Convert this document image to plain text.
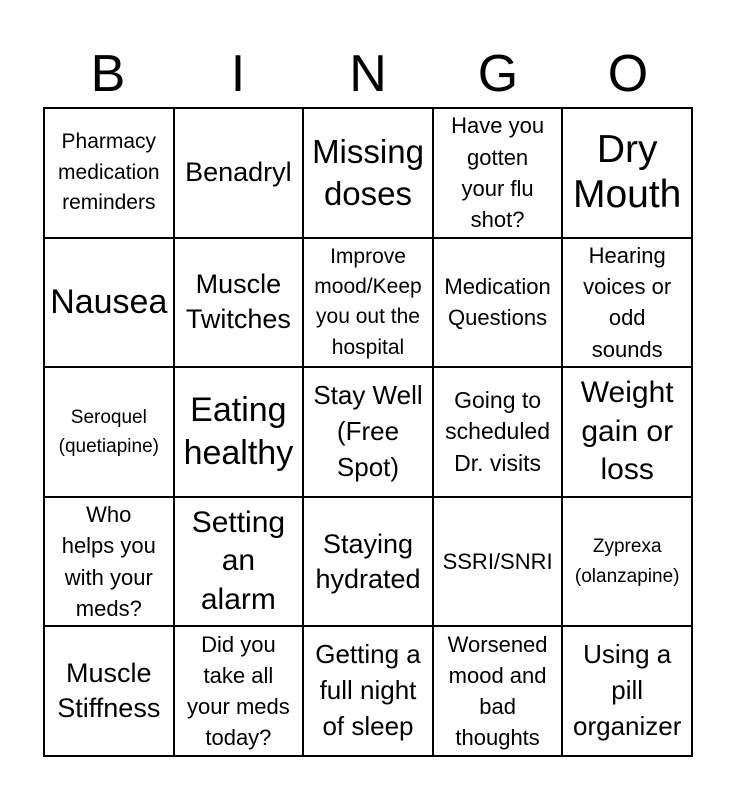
B	I	N	G	O
Pharmacy
medication
reminders
Benadryl
Missing
doses
Have you
gotten
your flu
shot?
Dry
Mouth
Nausea	Muscle
Twitches
Improve
mood/Keep
you out the
hospital
Medication
Questions
Hearing
voices or
odd
sounds
Seroquel
(quetiapine)
Eating
healthy
Stay Well
(Free
Spot)
Going to
scheduled
Dr. visits
Weight
gain or
loss
Who
helps you
with your
meds?
Setting
an
alarm
Staying
hydrated
SSRI/SNRI
Zyprexa
(olanzapine)
Muscle
Stiffness
Did you
take all
your meds
today?
Getting a
full night
of sleep
Worsened
mood and
bad
thoughts
Using a
pill
organizer
